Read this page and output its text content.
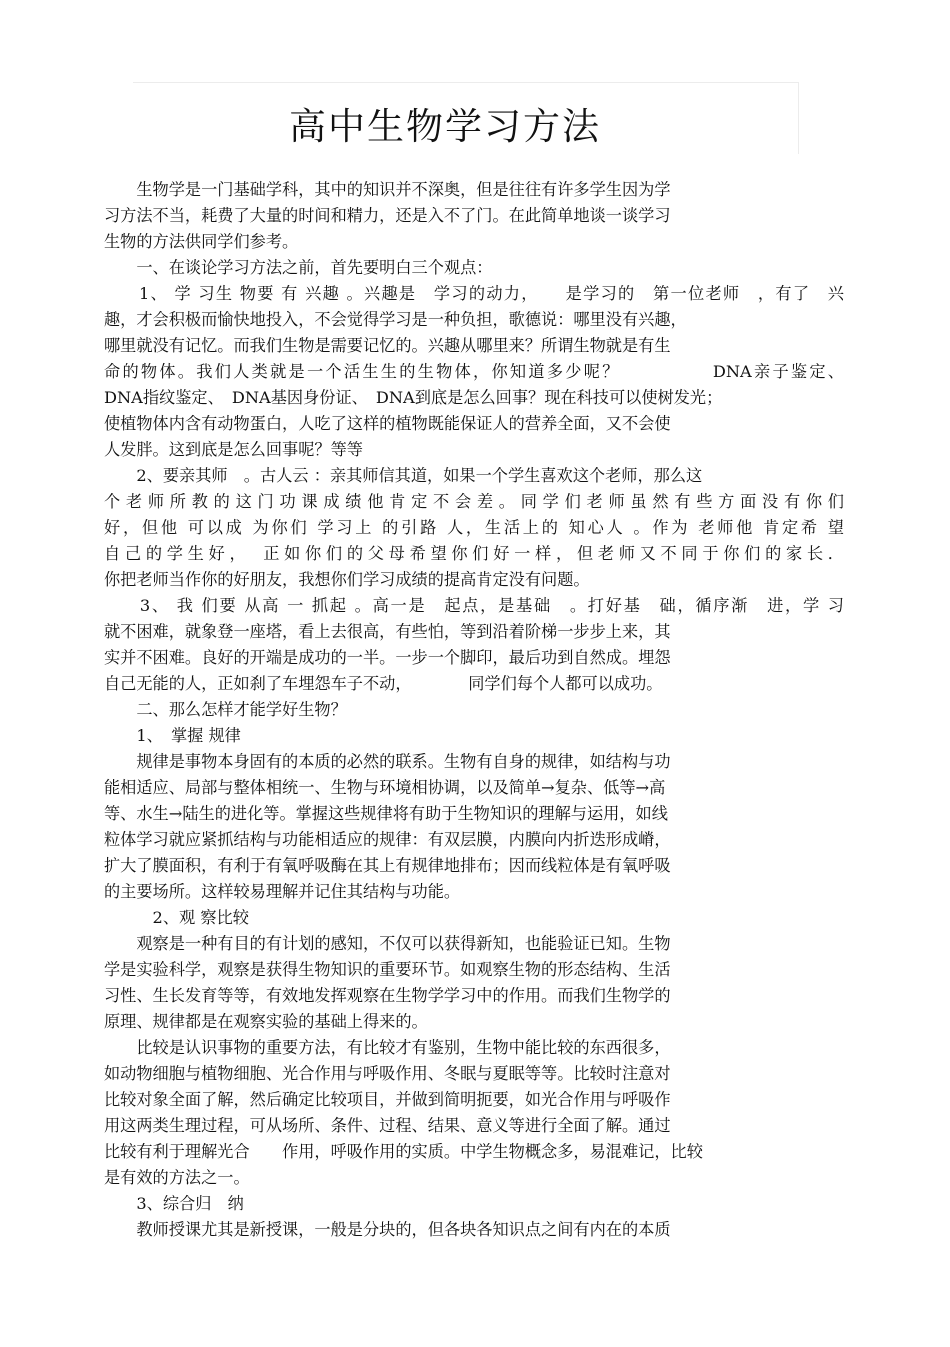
高中生物学习方法
　　生物学是一门基础学科，其中的知识并不深奥，但是往往有许多学生因为学
习方法不当，耗费了大量的时间和精力，还是入不了门。在此简单地谈一谈学习
生物的方法供同学们参考。
　　一、在谈论学习方法之前，首先要明白三个观点：
　　1、 学 习生 物要 有 兴趣 。兴趣是　学习的动力，　　是学习的　第一位老师　，有了　兴
趣，才会积极而愉快地投入，不会觉得学习是一种负担，歌德说：哪里没有兴趣，
哪里就没有记忆。而我们生物是需要记忆的。兴趣从哪里来？所谓生物就是有生
命的物体。我们人类就是一个活生生的生物体，你知道多少呢？　　　　　DNA亲子鉴定、
DNA指纹鉴定、　DNA基因身份证、　DNA到底是怎么回事？现在科技可以使树发光；
使植物体内含有动物蛋白，人吃了这样的植物既能保证人的营养全面，又不会使
人发胖。这到底是怎么回事呢？等等
　　2、要亲其师　。古人云 ：亲其师信其道，如果一个学生喜欢这个老师，那么这
个老师所教的这门功课成绩他肯定不会差。同学们老师虽然有些方面没有你们
好，但他 可以成 为你们 学习上 的引路 人，生活上的 知心人 。作为 老师他 肯定希 望
自己的学生好，　正如你们的父母希望你们好一样，但老师又不同于你们的家长．
你把老师当作你的好朋友，我想你们学习成绩的提高肯定没有问题。
　　3、 我 们要 从高 一 抓起 。高一是　起点，是基础　。打好基　础，循序渐　进，学 习
就不困难，就象登一座塔，看上去很高，有些怕，等到沿着阶梯一步步上来，其
实并不困难。良好的开端是成功的一半。一步一个脚印，最后功到自然成。埋怨
自己无能的人，正如刹了车埋怨车子不动，　　　　同学们每个人都可以成功。
　　二、那么怎样才能学好生物？
　　1、　掌握 规律
　　规律是事物本身固有的本质的必然的联系。生物有自身的规律，如结构与功
能相适应、局部与整体相统一、生物与环境相协调，以及简单→复杂、低等→高
等、水生→陆生的进化等。掌握这些规律将有助于生物知识的理解与运用，如线
粒体学习就应紧抓结构与功能相适应的规律：有双层膜，内膜向内折迭形成嵴，
扩大了膜面积，有利于有氧呼吸酶在其上有规律地排布；因而线粒体是有氧呼吸
的主要场所。这样较易理解并记住其结构与功能。
　　　2、观 察比较
　　观察是一种有目的有计划的感知，不仅可以获得新知，也能验证已知。生物
学是实验科学，观察是获得生物知识的重要环节。如观察生物的形态结构、生活
习性、生长发育等等，有效地发挥观察在生物学学习中的作用。而我们生物学的
原理、规律都是在观察实验的基础上得来的。
　　比较是认识事物的重要方法，有比较才有鉴别，生物中能比较的东西很多，
如动物细胞与植物细胞、光合作用与呼吸作用、冬眠与夏眠等等。比较时注意对
比较对象全面了解，然后确定比较项目，并做到简明扼要，如光合作用与呼吸作
用这两类生理过程，可从场所、条件、过程、结果、意义等进行全面了解。通过
比较有利于理解光合　　作用，呼吸作用的实质。中学生物概念多，易混难记，比较
是有效的方法之一。
　　3、综合归　纳
　　教师授课尤其是新授课，一般是分块的，但各块各知识点之间有内在的本质
